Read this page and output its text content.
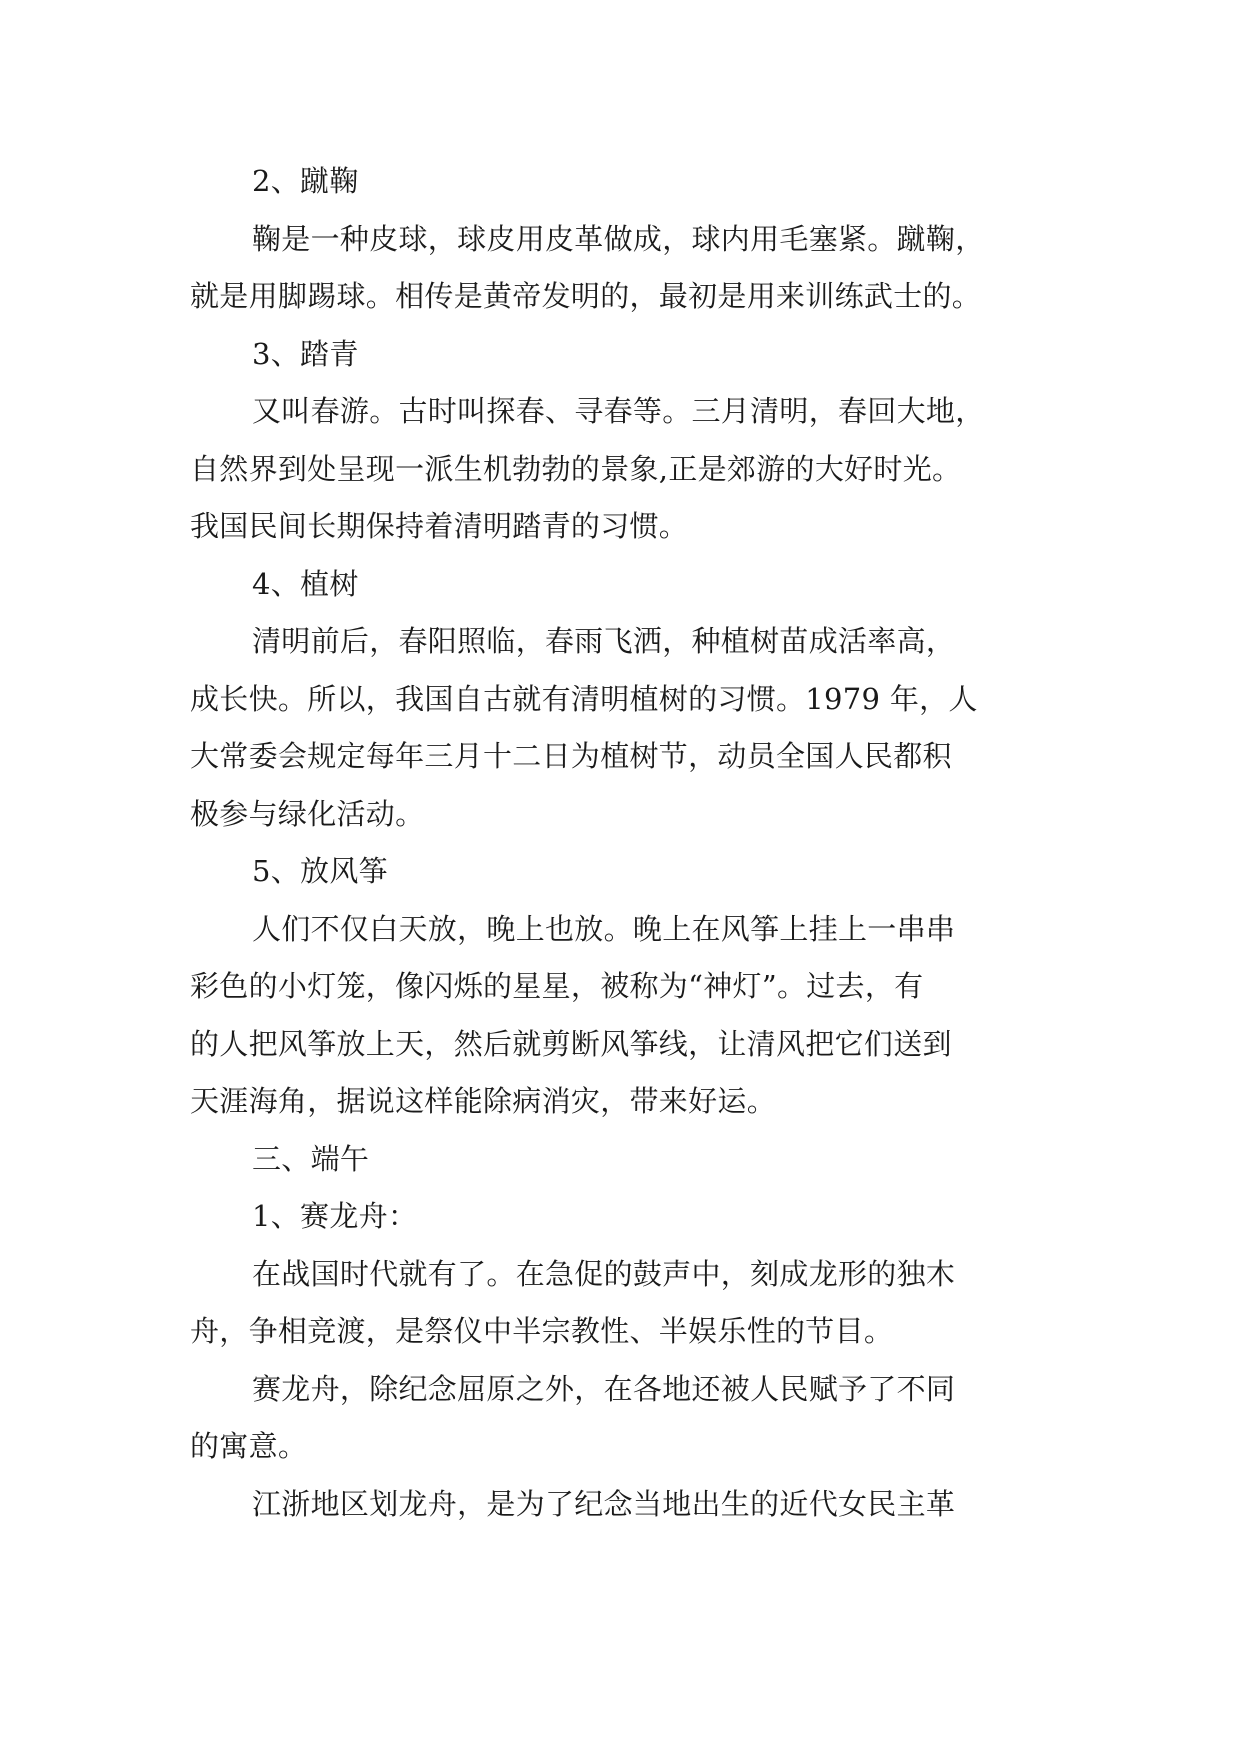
2、蹴鞠
鞠是一种皮球，球皮用皮革做成，球内用毛塞紧。蹴鞠，
就是用脚踢球。相传是黄帝发明的，最初是用来训练武士的。
3、踏青
又叫春游。古时叫探春、寻春等。三月清明，春回大地，
自然界到处呈现一派生机勃勃的景象,正是郊游的大好时光。
我国民间长期保持着清明踏青的习惯。
4、植树
清明前后，春阳照临，春雨飞洒，种植树苗成活率高，
成长快。所以，我国自古就有清明植树的习惯。1979 年，人
大常委会规定每年三月十二日为植树节，动员全国人民都积
极参与绿化活动。
5、放风筝
人们不仅白天放，晚上也放。晚上在风筝上挂上一串串
彩色的小灯笼，像闪烁的星星，被称为“神灯”。过去，有
的人把风筝放上天，然后就剪断风筝线，让清风把它们送到
天涯海角，据说这样能除病消灾，带来好运。
三、端午
1、赛龙舟：
在战国时代就有了。在急促的鼓声中，刻成龙形的独木
舟，争相竞渡，是祭仪中半宗教性、半娱乐性的节目。
赛龙舟，除纪念屈原之外，在各地还被人民赋予了不同
的寓意。
江浙地区划龙舟，是为了纪念当地出生的近代女民主革
